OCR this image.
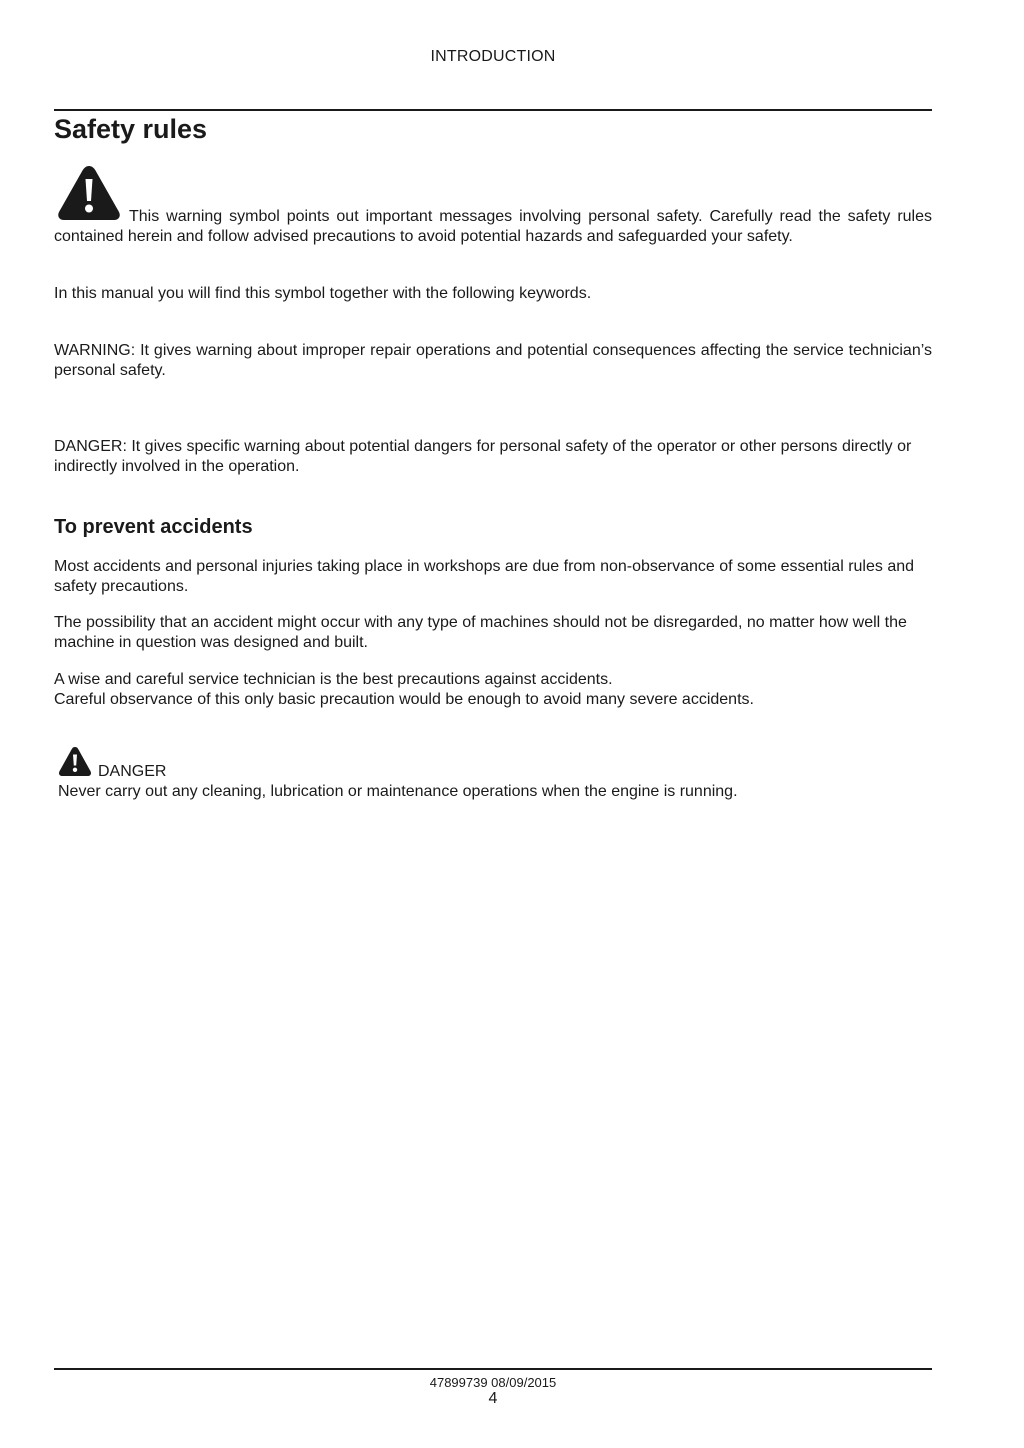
INTRODUCTION
Safety rules

This warning symbol points out important messages involving personal safety. Carefully read the safety rules contained herein and follow advised precautions to avoid potential hazards and safeguarded your safety.

In this manual you will find this symbol together with the following keywords.

WARNING: It gives warning about improper repair operations and potential consequences affecting the service technician’s personal safety.

DANGER: It gives specific warning about potential dangers for personal safety of the operator or other persons directly or indirectly involved in the operation.

To prevent accidents

Most accidents and personal injuries taking place in workshops are due from non-observance of some essential rules and safety precautions.

The possibility that an accident might occur with any type of machines should not be disregarded, no matter how well the machine in question was designed and built.

A wise and careful service technician is the best precautions against accidents.

Careful observance of this only basic precaution would be enough to avoid many severe accidents.

DANGER
Never carry out any cleaning, lubrication or maintenance operations when the engine is running.
47899739 08/09/2015
4
